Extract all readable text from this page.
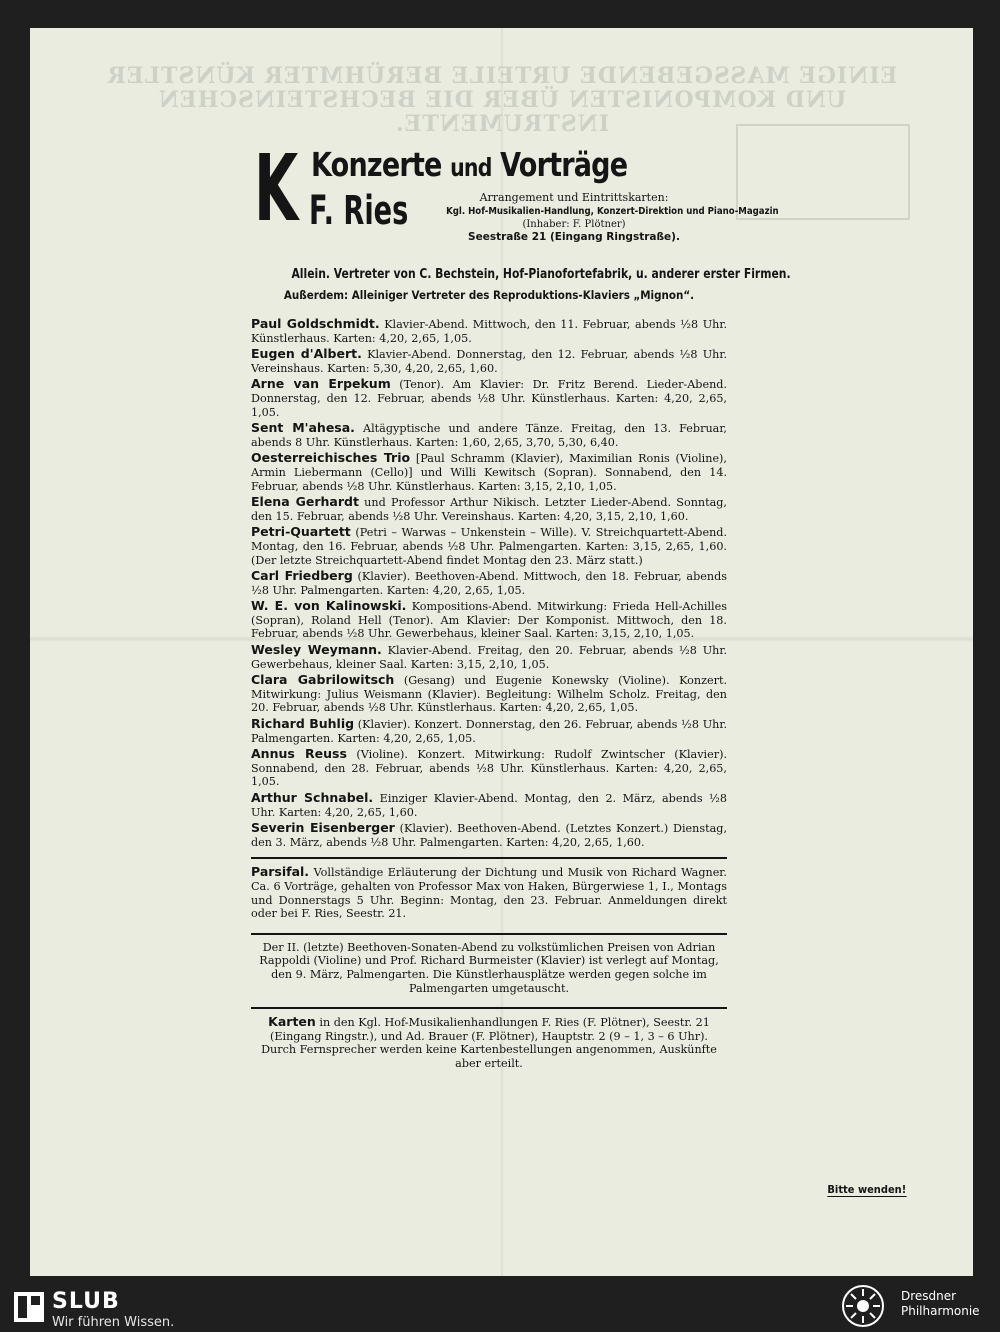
EINIGE MASSGEBENDE URTEILE BERÜHMTER KÜNSTLER UND KOMPONISTEN ÜBER DIE BECHSTEINSCHEN INSTRUMENTE.
K Konzerte und Vorträge
F. Ries	Arrangement und Eintrittskarten:
Kgl. Hof-Musikalien-Handlung, Konzert-Direktion und Piano-Magazin
(Inhaber: F. Plötner)
Seestraße 21 (Eingang Ringstraße).
Allein. Vertreter von C. Bechstein, Hof-Pianofortefabrik, u. anderer erster Firmen.
Außerdem: Alleiniger Vertreter des Reproduktions-Klaviers „Mignon“.
Paul Goldschmidt. Klavier-Abend. Mittwoch, den 11. Februar, abends ½8 Uhr. Künstlerhaus. Karten: 4,20, 2,65, 1,05.
Eugen d'Albert. Klavier-Abend. Donnerstag, den 12. Februar, abends ½8 Uhr. Vereinshaus. Karten: 5,30, 4,20, 2,65, 1,60.
Arne van Erpekum (Tenor). Am Klavier: Dr. Fritz Berend. Lieder-Abend. Donnerstag, den 12. Februar, abends ½8 Uhr. Künstlerhaus. Karten: 4,20, 2,65, 1,05.
Sent M'ahesa. Altägyptische und andere Tänze. Freitag, den 13. Februar, abends 8 Uhr. Künstlerhaus. Karten: 1,60, 2,65, 3,70, 5,30, 6,40.
Oesterreichisches Trio [Paul Schramm (Klavier), Maximilian Ronis (Violine), Armin Liebermann (Cello)] und Willi Kewitsch (Sopran). Sonnabend, den 14. Februar, abends ½8 Uhr. Künstlerhaus. Karten: 3,15, 2,10, 1,05.
Elena Gerhardt und Professor Arthur Nikisch. Letzter Lieder-Abend. Sonntag, den 15. Februar, abends ½8 Uhr. Vereinshaus. Karten: 4,20, 3,15, 2,10, 1,60.
Petri-Quartett (Petri – Warwas – Unkenstein – Wille). V. Streichquartett-Abend. Montag, den 16. Februar, abends ½8 Uhr. Palmengarten. Karten: 3,15, 2,65, 1,60. (Der letzte Streichquartett-Abend findet Montag den 23. März statt.)
Carl Friedberg (Klavier). Beethoven-Abend. Mittwoch, den 18. Februar, abends ½8 Uhr. Palmengarten. Karten: 4,20, 2,65, 1,05.
W. E. von Kalinowski. Kompositions-Abend. Mitwirkung: Frieda Hell-Achilles (Sopran), Roland Hell (Tenor). Am Klavier: Der Komponist. Mittwoch, den 18. Februar, abends ½8 Uhr. Gewerbehaus, kleiner Saal. Karten: 3,15, 2,10, 1,05.
Wesley Weymann. Klavier-Abend. Freitag, den 20. Februar, abends ½8 Uhr. Gewerbehaus, kleiner Saal. Karten: 3,15, 2,10, 1,05.
Clara Gabrilowitsch (Gesang) und Eugenie Konewsky (Violine). Konzert. Mitwirkung: Julius Weismann (Klavier). Begleitung: Wilhelm Scholz. Freitag, den 20. Februar, abends ½8 Uhr. Künstlerhaus. Karten: 4,20, 2,65, 1,05.
Richard Buhlig (Klavier). Konzert. Donnerstag, den 26. Februar, abends ½8 Uhr. Palmengarten. Karten: 4,20, 2,65, 1,05.
Annus Reuss (Violine). Konzert. Mitwirkung: Rudolf Zwintscher (Klavier). Sonnabend, den 28. Februar, abends ½8 Uhr. Künstlerhaus. Karten: 4,20, 2,65, 1,05.
Arthur Schnabel. Einziger Klavier-Abend. Montag, den 2. März, abends ½8 Uhr. Karten: 4,20, 2,65, 1,60.
Severin Eisenberger (Klavier). Beethoven-Abend. (Letztes Konzert.) Dienstag, den 3. März, abends ½8 Uhr. Palmengarten. Karten: 4,20, 2,65, 1,60.
Parsifal. Vollständige Erläuterung der Dichtung und Musik von Richard Wagner. Ca. 6 Vorträge, gehalten von Professor Max von Haken, Bürgerwiese 1, I., Montags und Donnerstags 5 Uhr. Beginn: Montag, den 23. Februar. Anmeldungen direkt oder bei F. Ries, Seestr. 21.
Der II. (letzte) Beethoven-Sonaten-Abend zu volkstümlichen Preisen von Adrian Rappoldi (Violine) und Prof. Richard Burmeister (Klavier) ist verlegt auf Montag, den 9. März, Palmengarten. Die Künstlerhausplätze werden gegen solche im Palmengarten umgetauscht.
Karten in den Kgl. Hof-Musikalienhandlungen F. Ries (F. Plötner), Seestr. 21 (Eingang Ringstr.), und Ad. Brauer (F. Plötner), Hauptstr. 2 (9 – 1, 3 – 6 Uhr). Durch Fernsprecher werden keine Kartenbestellungen angenommen, Auskünfte aber erteilt.
Bitte wenden!
SLUB
Wir führen Wissen.
Dresdner
Philharmonie
